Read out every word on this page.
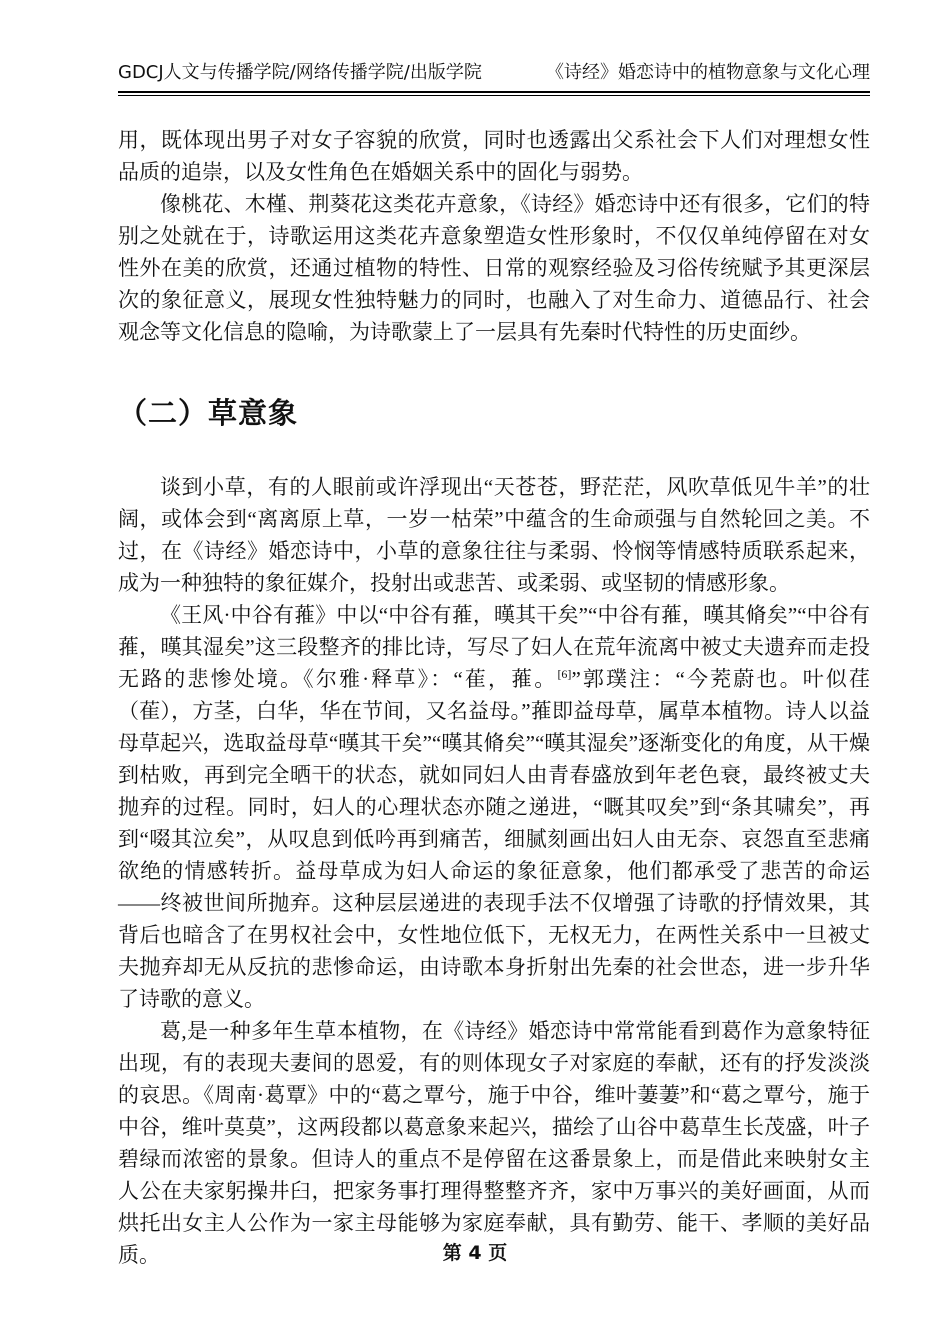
GDCJ人文与传播学院/网络传播学院/出版学院	《诗经》婚恋诗中的植物意象与文化心理

用，既体现出男子对女子容貌的欣赏，同时也透露出父系社会下人们对理想女性品质的追崇，以及女性角色在婚姻关系中的固化与弱势。

像桃花、木槿、荆葵花这类花卉意象，《诗经》婚恋诗中还有很多，它们的特别之处就在于，诗歌运用这类花卉意象塑造女性形象时，不仅仅单纯停留在对女性外在美的欣赏，还通过植物的特性、日常的观察经验及习俗传统赋予其更深层次的象征意义，展现女性独特魅力的同时，也融入了对生命力、道德品行、社会观念等文化信息的隐喻，为诗歌蒙上了一层具有先秦时代特性的历史面纱。

（二）草意象

谈到小草，有的人眼前或许浮现出“天苍苍，野茫茫，风吹草低见牛羊”的壮阔，或体会到“离离原上草，一岁一枯荣”中蕴含的生命顽强与自然轮回之美。不过，在《诗经》婚恋诗中，小草的意象往往与柔弱、怜悯等情感特质联系起来，成为一种独特的象征媒介，投射出或悲苦、或柔弱、或坚韧的情感形象。

《王风·中谷有蓷》中以“中谷有蓷，暵其干矣”“中谷有蓷，暵其脩矣”“中谷有蓷，暵其湿矣”这三段整齐的排比诗，写尽了妇人在荒年流离中被丈夫遗弃而走投无路的悲惨处境。《尔雅·释草》：“萑，蓷。[6]”郭璞注：“今茺蔚也。叶似荏（萑），方茎，白华，华在节间，又名益母。”蓷即益母草，属草本植物。诗人以益母草起兴，选取益母草“暵其干矣”“暵其脩矣”“暵其湿矣”逐渐变化的角度，从干燥到枯败，再到完全晒干的状态，就如同妇人由青春盛放到年老色衰，最终被丈夫抛弃的过程。同时，妇人的心理状态亦随之递进，“嘅其叹矣”到“条其啸矣”，再到“啜其泣矣”，从叹息到低吟再到痛苦，细腻刻画出妇人由无奈、哀怨直至悲痛欲绝的情感转折。益母草成为妇人命运的象征意象，他们都承受了悲苦的命运——终被世间所抛弃。这种层层递进的表现手法不仅增强了诗歌的抒情效果，其背后也暗含了在男权社会中，女性地位低下，无权无力，在两性关系中一旦被丈夫抛弃却无从反抗的悲惨命运，由诗歌本身折射出先秦的社会世态，进一步升华了诗歌的意义。

葛,是一种多年生草本植物，在《诗经》婚恋诗中常常能看到葛作为意象特征出现，有的表现夫妻间的恩爱，有的则体现女子对家庭的奉献，还有的抒发淡淡的哀思。《周南·葛覃》中的“葛之覃兮，施于中谷，维叶萋萋”和“葛之覃兮，施于中谷，维叶莫莫”，这两段都以葛意象来起兴，描绘了山谷中葛草生长茂盛，叶子碧绿而浓密的景象。但诗人的重点不是停留在这番景象上，而是借此来映射女主人公在夫家躬操井臼，把家务事打理得整整齐齐，家中万事兴的美好画面，从而烘托出女主人公作为一家主母能够为家庭奉献，具有勤劳、能干、孝顺的美好品质。	第 4 页
